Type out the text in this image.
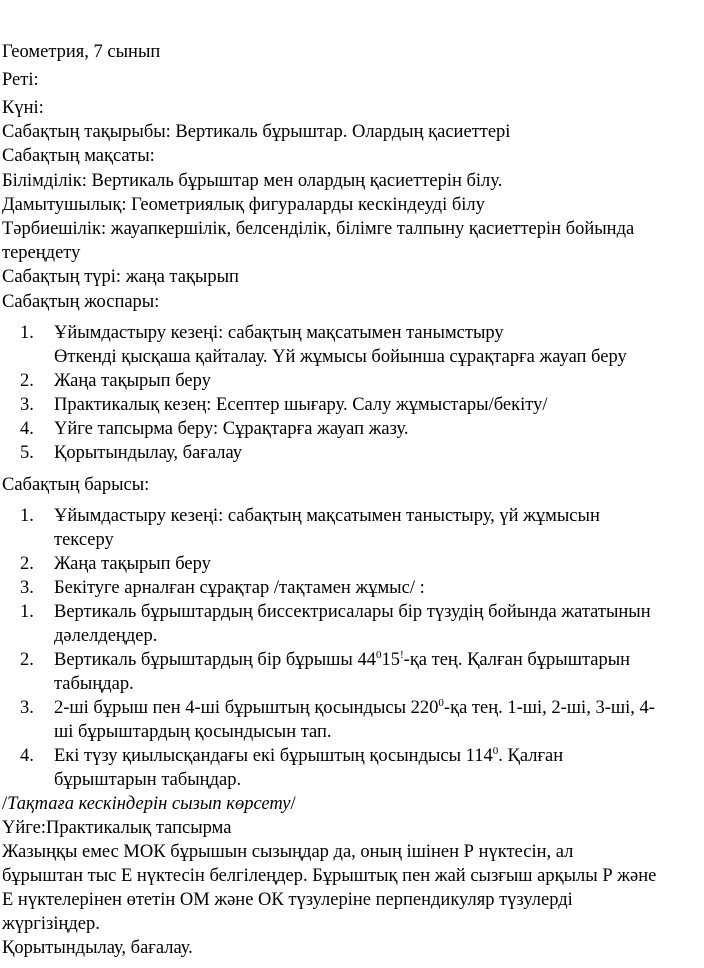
Геометрия, 7 сынып
Реті:
Күні:
Сабақтың тақырыбы: Вертикаль бұрыштар. Олардың қасиеттері
Сабақтың мақсаты:
Білімділік: Вертикаль бұрыштар мен олардың қасиеттерін білу.
Дамытушылық: Геометриялық фигураларды кескіндеуді білу
Тәрбиешілік: жауапкершілік, белсенділік, білімге талпыну қасиеттерін бойында
тереңдету
Сабақтың түрі: жаңа тақырып
Сабақтың жоспары:
1. Ұйымдастыру кезеңі: сабақтың мақсатымен танымстыру
Өткенді қысқаша қайталау. Үй жұмысы бойынша сұрақтарға жауап беру
2. Жаңа тақырып беру
3. Практикалық кезең: Есептер шығару. Салу жұмыстары/бекіту/
4. Үйге тапсырма беру: Сұрақтарға жауап жазу.
5. Қорытындылау, бағалау
Сабақтың барысы:
1. Ұйымдастыру кезеңі: сабақтың мақсатымен таныстыру, үй жұмысын
тексеру
2. Жаңа тақырып беру
3. Бекітуге арналған сұрақтар /тақтамен жұмыс/ :
1. Вертикаль бұрыштардың биссектрисалары бір түзудің бойында жататынын
дәлелдеңдер.
2. Вертикаль бұрыштардың бір бұрышы $44^015^!-қа$ тең. Қалған бұрыштарын
табыңдар.
3. 2-ші бұрыш пен 4-ші бұрыштың қосындысы $220^0-қа$ тең. 1-ші, 2-ші, 3-ші, 4-
ші бұрыштардың қосындысын тап.
4. Екі түзу қиылысқандағы екі бұрыштың қосындысы $114^0$. Қалған
бұрыштарын табыңдар.
/Тақтаға кескіндерін сызып көрсету/
Үйге:Практикалық тапсырма
Жазыңқы емес МОК бұрышын сызыңдар да, оның ішінен Р нүктесін, ал
бұрыштан тыс Е нүктесін белгілеңдер. Бұрыштық пен жай сызғыш арқылы Р және
Е нүктелерінен өтетін ОМ және ОК түзулеріне перпендикуляр түзулерді
жүргізіңдер.
Қорытындылау, бағалау.
